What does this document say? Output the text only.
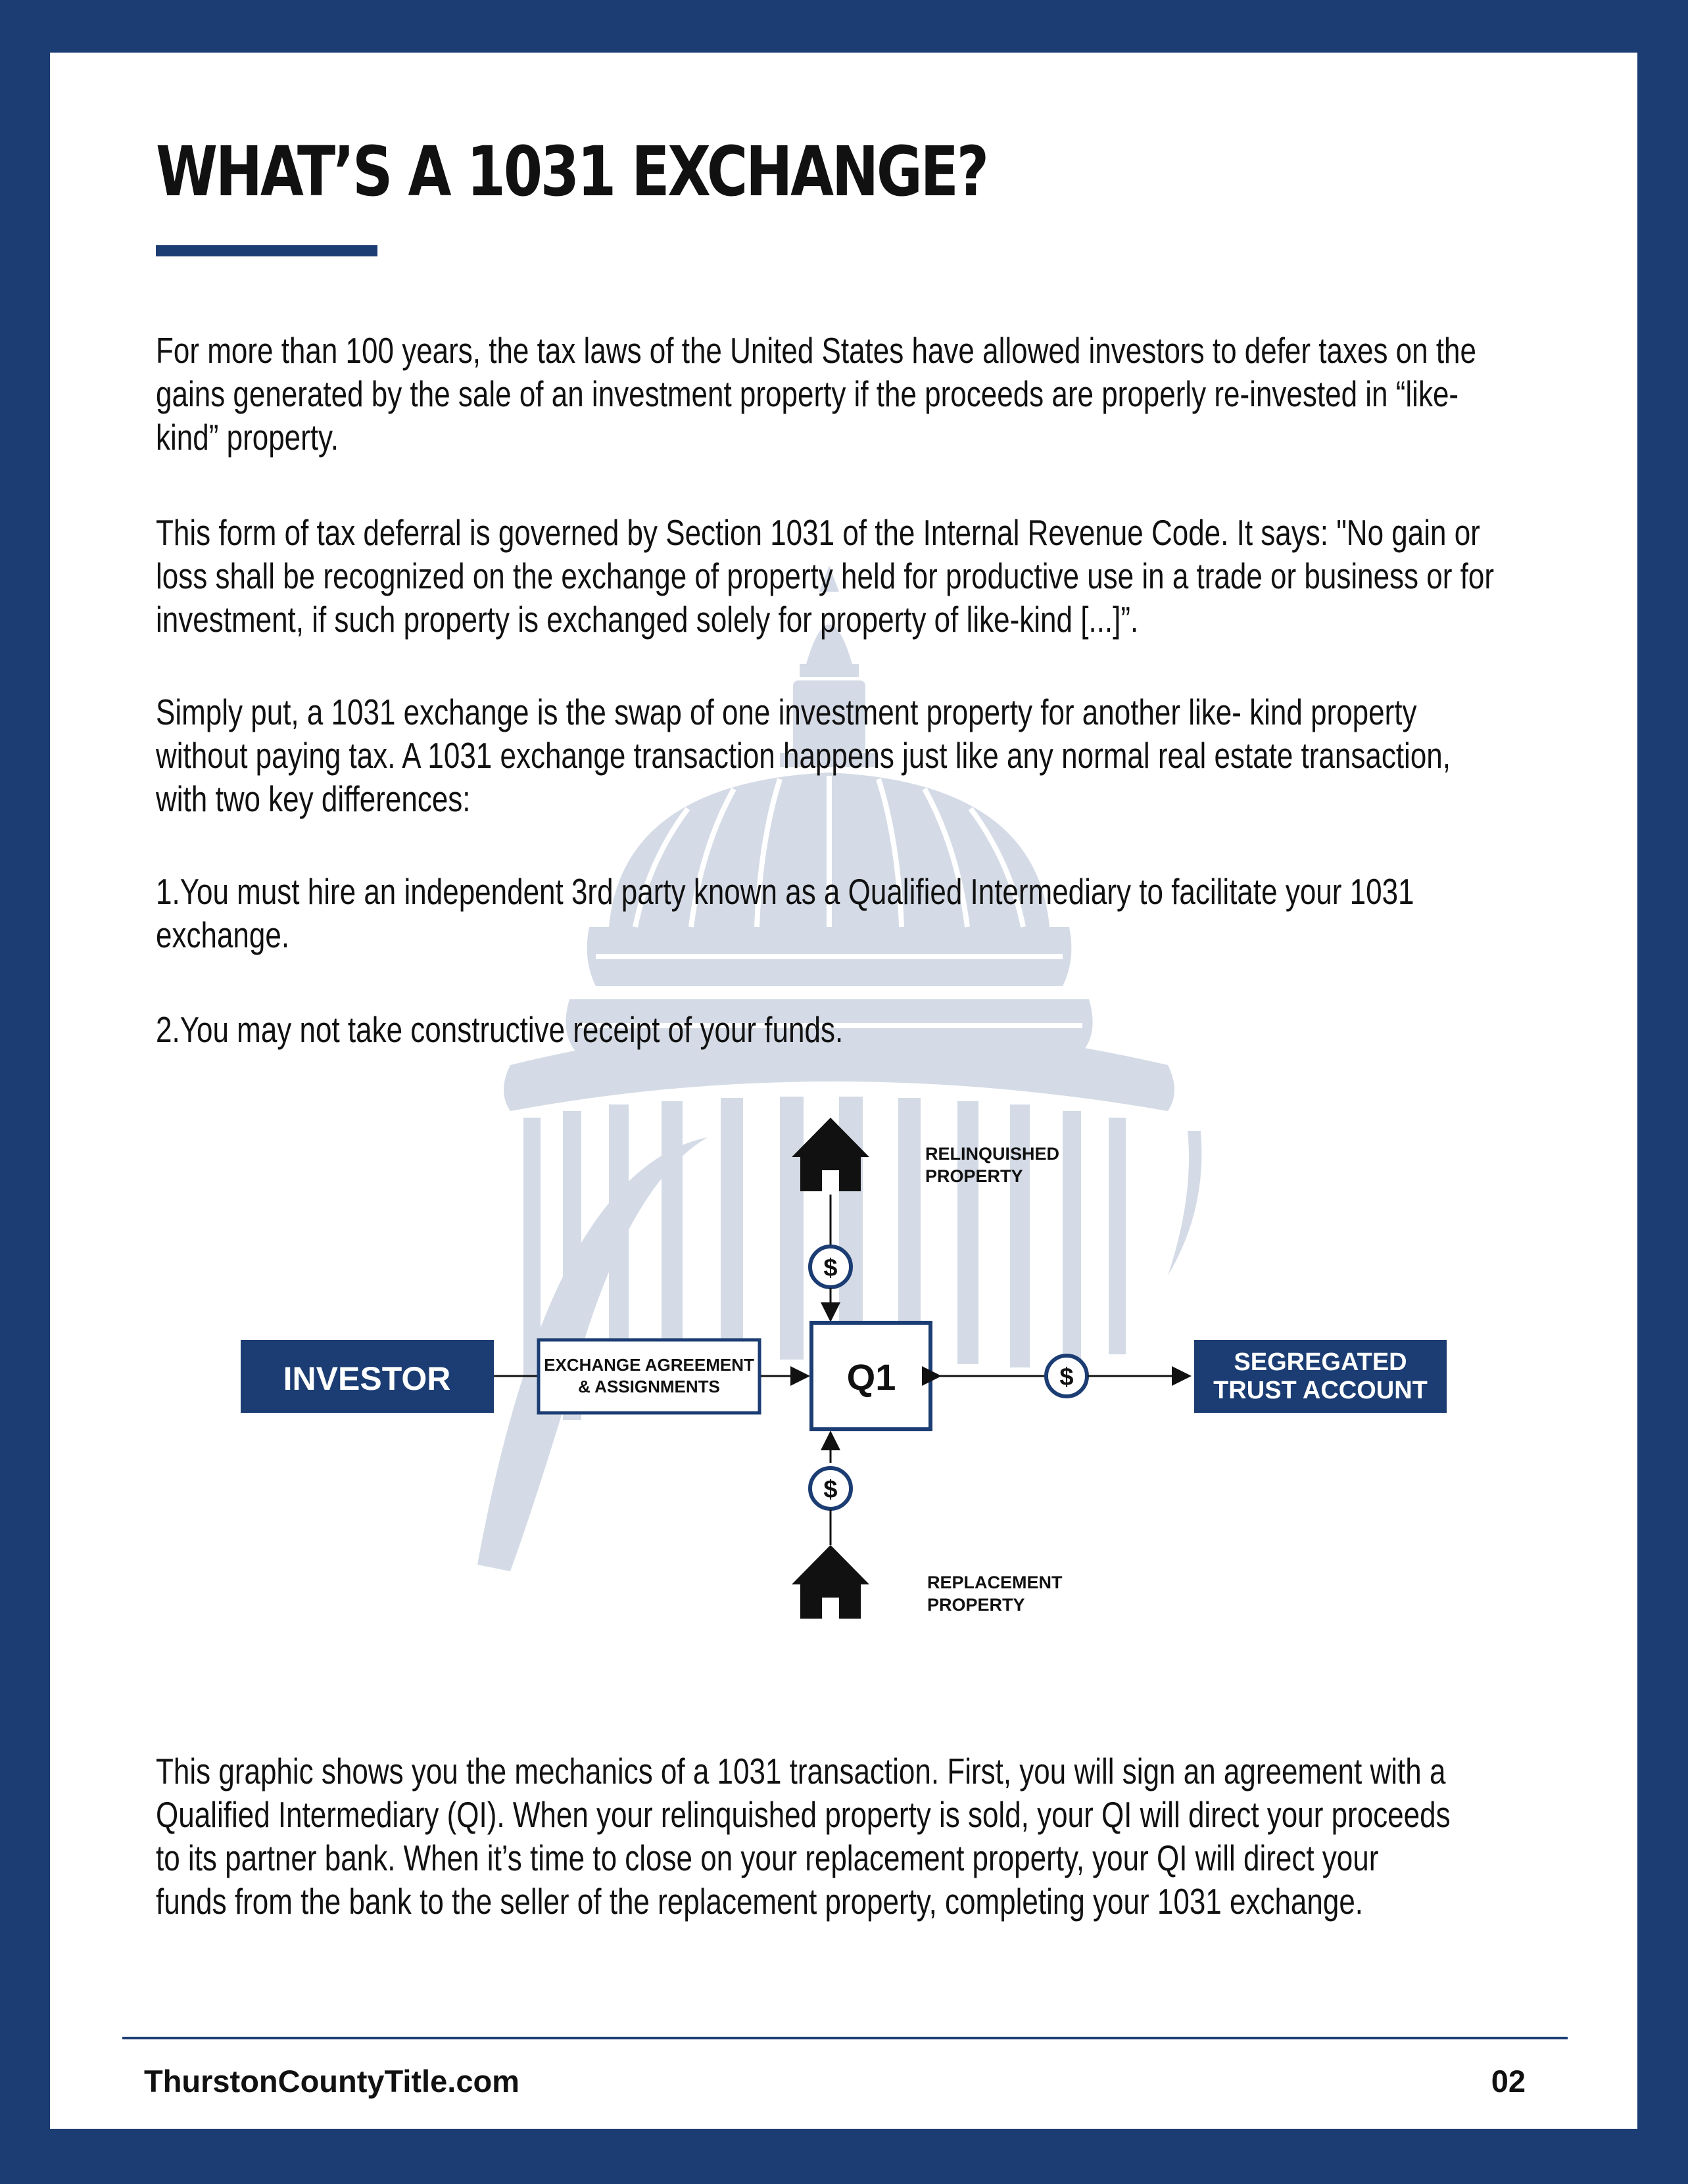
WHAT’S A 1031 EXCHANGE?
For more than 100 years, the tax laws of the United States have allowed investors to defer taxes on the
gains generated by the sale of an investment property if the proceeds are properly re-invested in “like-
kind” property.
This form of tax deferral is governed by Section 1031 of the Internal Revenue Code. It says: "No gain or
loss shall be recognized on the exchange of property held for productive use in a trade or business or for
investment, if such property is exchanged solely for property of like-kind [...]”.
Simply put, a 1031 exchange is the swap of one investment property for another like- kind property
without paying tax. A 1031 exchange transaction happens just like any normal real estate transaction,
with two key differences:
1.You must hire an independent 3rd party known as a Qualified Intermediary to facilitate your 1031
exchange.
2.You may not take constructive receipt of your funds.
RELINQUISHED
PROPERTY
$
INVESTOR	EXCHANGE AGREEMENT
& ASSIGNMENTS	Q1	$
SEGREGATED
TRUST ACCOUNT
$
REPLACEMENT
PROPERTY
This graphic shows you the mechanics of a 1031 transaction. First, you will sign an agreement with a
Qualified Intermediary (QI). When your relinquished property is sold, your QI will direct your proceeds
to its partner bank. When it’s time to close on your replacement property, your QI will direct your
funds from the bank to the seller of the replacement property, completing your 1031 exchange.
ThurstonCountyTitle.com	02
